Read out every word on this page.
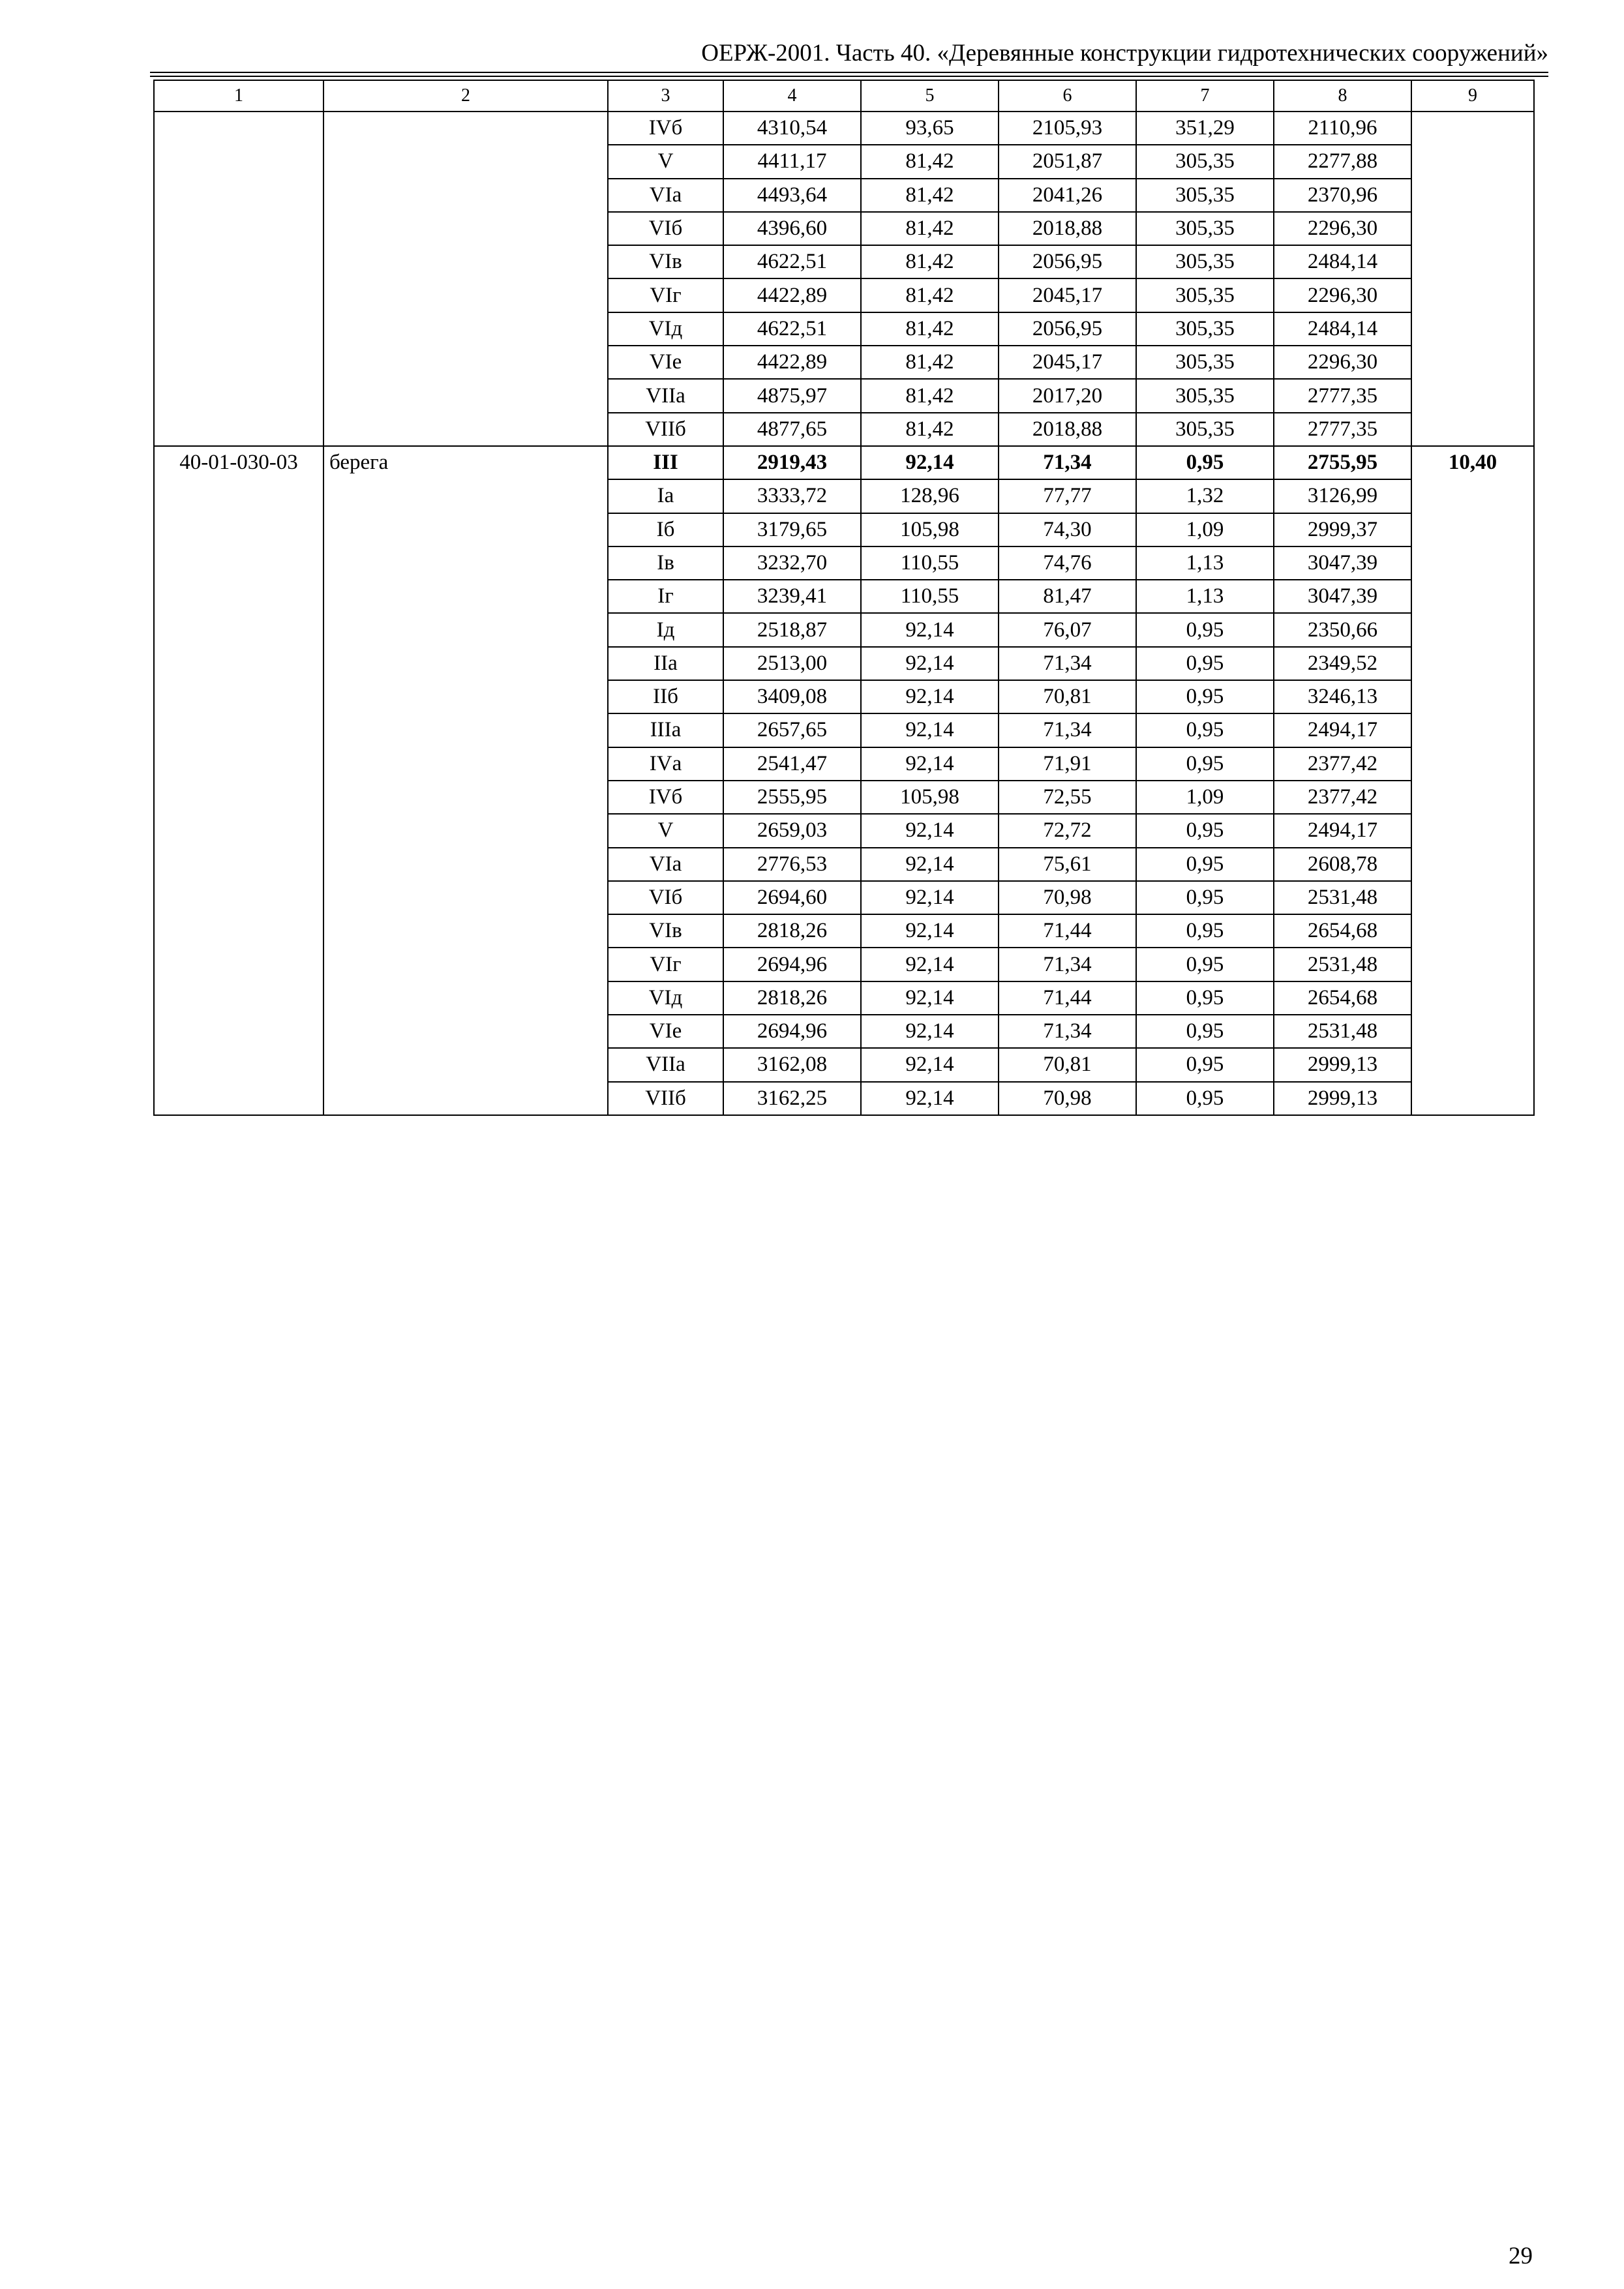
ОЕРЖ-2001. Часть 40. «Деревянные конструкции гидротехнических сооружений»
1	2	3	4	5	6	7	8	9
		IVб	4310,54	93,65	2105,93	351,29	2110,96	
		V	4411,17	81,42	2051,87	305,35	2277,88	
		VIа	4493,64	81,42	2041,26	305,35	2370,96	
		VIб	4396,60	81,42	2018,88	305,35	2296,30	
		VIв	4622,51	81,42	2056,95	305,35	2484,14	
		VIг	4422,89	81,42	2045,17	305,35	2296,30	
		VIд	4622,51	81,42	2056,95	305,35	2484,14	
		VIе	4422,89	81,42	2045,17	305,35	2296,30	
		VIIа	4875,97	81,42	2017,20	305,35	2777,35	
		VIIб	4877,65	81,42	2018,88	305,35	2777,35	
40-01-030-03	берега	III	2919,43	92,14	71,34	0,95	2755,95	10,40
		Iа	3333,72	128,96	77,77	1,32	3126,99	
		Iб	3179,65	105,98	74,30	1,09	2999,37	
		Iв	3232,70	110,55	74,76	1,13	3047,39	
		Iг	3239,41	110,55	81,47	1,13	3047,39	
		Iд	2518,87	92,14	76,07	0,95	2350,66	
		IIа	2513,00	92,14	71,34	0,95	2349,52	
		IIб	3409,08	92,14	70,81	0,95	3246,13	
		IIIа	2657,65	92,14	71,34	0,95	2494,17	
		IVа	2541,47	92,14	71,91	0,95	2377,42	
		IVб	2555,95	105,98	72,55	1,09	2377,42	
		V	2659,03	92,14	72,72	0,95	2494,17	
		VIа	2776,53	92,14	75,61	0,95	2608,78	
		VIб	2694,60	92,14	70,98	0,95	2531,48	
		VIв	2818,26	92,14	71,44	0,95	2654,68	
		VIг	2694,96	92,14	71,34	0,95	2531,48	
		VIд	2818,26	92,14	71,44	0,95	2654,68	
		VIе	2694,96	92,14	71,34	0,95	2531,48	
		VIIа	3162,08	92,14	70,81	0,95	2999,13	
		VIIб	3162,25	92,14	70,98	0,95	2999,13	
29
